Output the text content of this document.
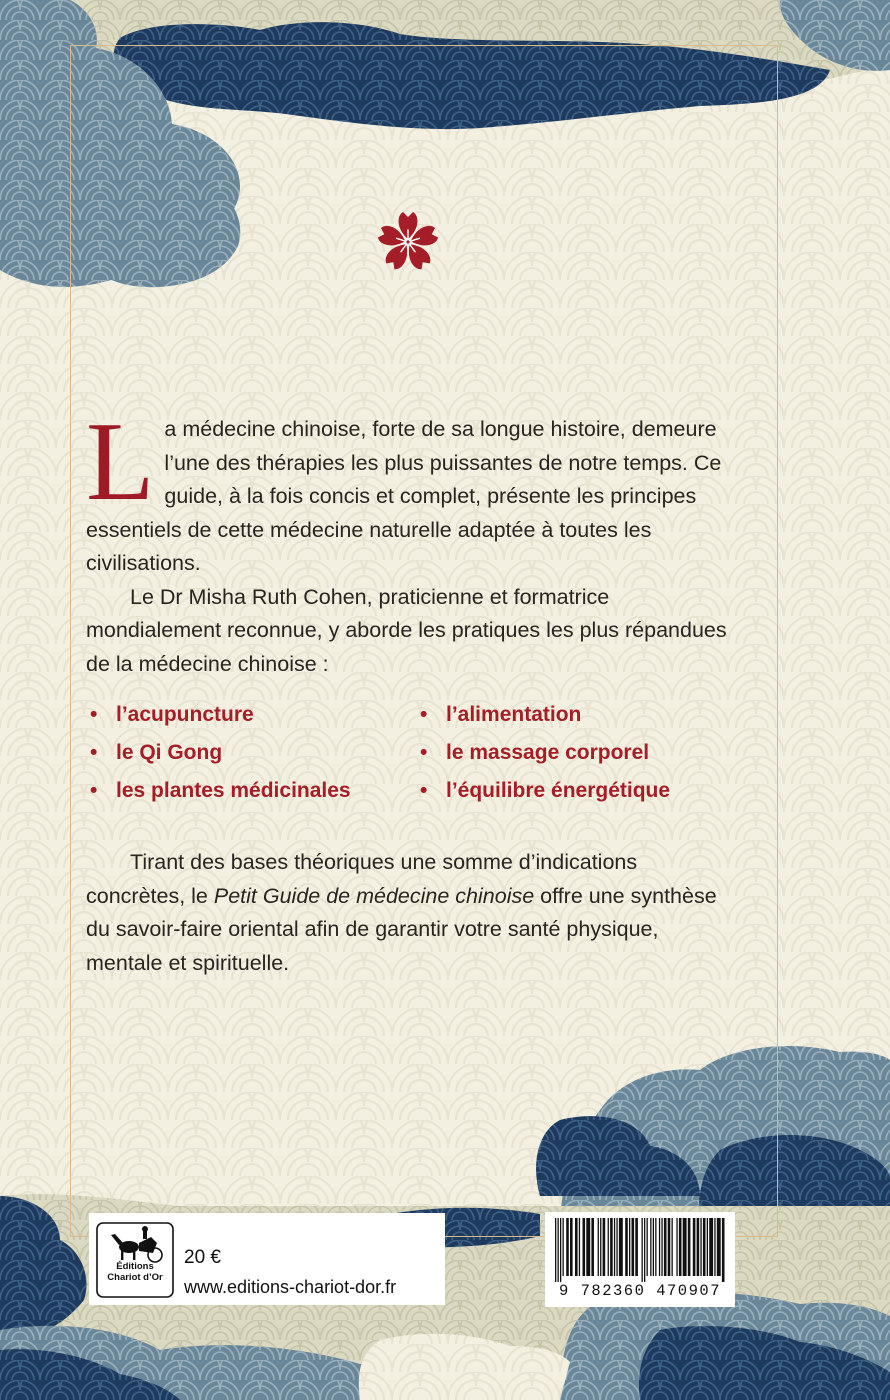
La médecine chinoise, forte de sa longue histoire, demeure l’une des thérapies les plus puissantes de notre temps. Ce guide, à la fois concis et complet, présente les principes essentiels de cette médecine naturelle adaptée à toutes les civilisations.

Le Dr Misha Ruth Cohen, praticienne et formatrice mondialement reconnue, y aborde les pratiques les plus répandues de la médecine chinoise :

• l’acupuncture	• l’alimentation
• le Qi Gong	• le massage corporel
• les plantes médicinales	• l’équilibre énergétique

Tirant des bases théoriques une somme d’indications concrètes, le Petit Guide de médecine chinoise offre une synthèse du savoir-faire oriental afin de garantir votre santé physique, mentale et spirituelle.

Éditions
Chariot d’Or
20 €
www.editions-chariot-dor.fr	9 782360 470907
